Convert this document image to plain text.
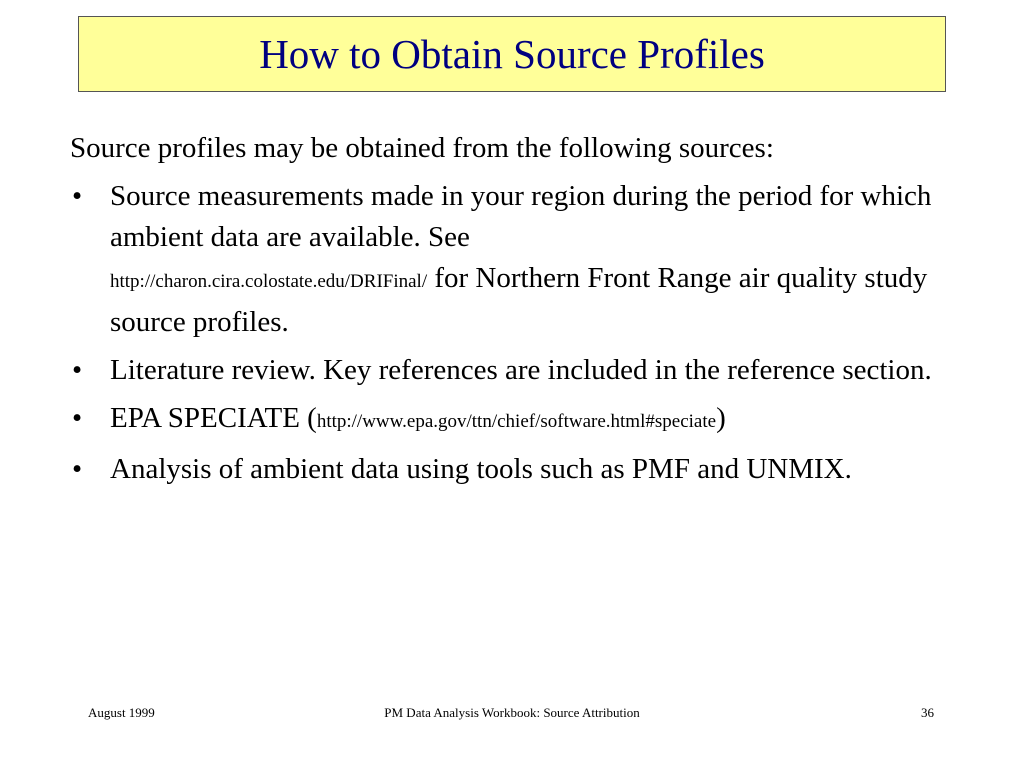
How to Obtain Source Profiles
Source profiles may be obtained from the following sources:
• Source measurements made in your region during the period for which ambient data are available. See
http://charon.cira.colostate.edu/DRIFinal/ for Northern Front Range air quality study source profiles.
• Literature review. Key references are included in the reference section.
• EPA SPECIATE (http://www.epa.gov/ttn/chief/software.html#speciate)
• Analysis of ambient data using tools such as PMF and UNMIX.
August 1999	PM Data Analysis Workbook: Source Attribution	36
